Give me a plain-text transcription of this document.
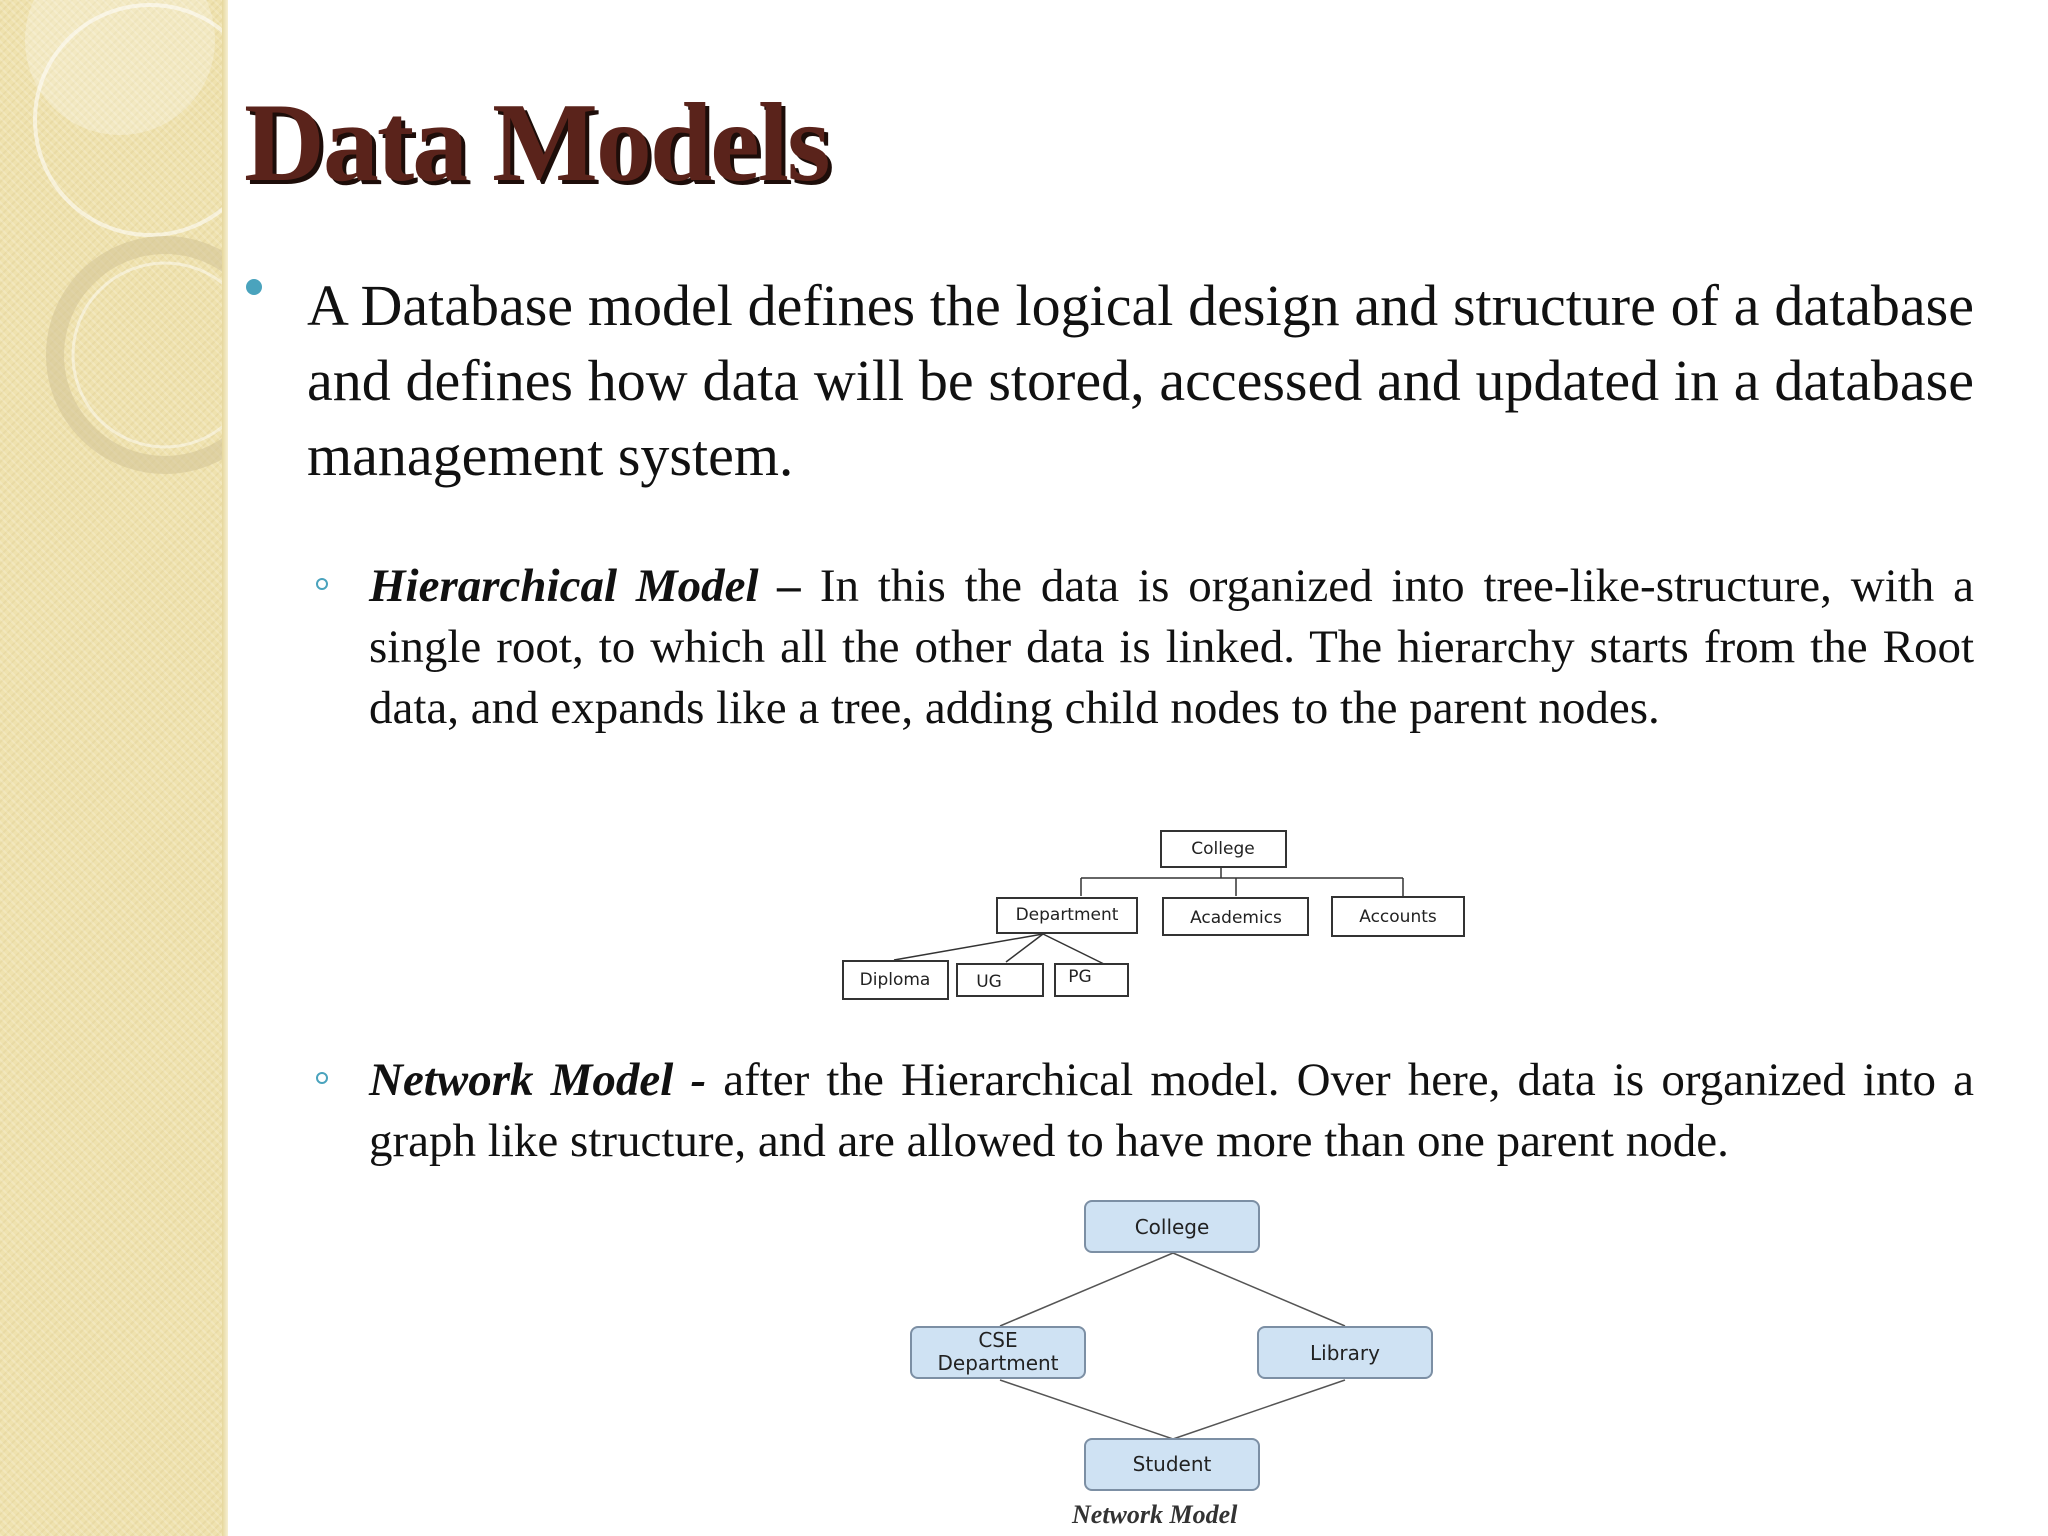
Data Models

A Database model defines the logical design and structure of a database and defines how data will be stored, accessed and updated in a database management system.

Hierarchical Model – In this the data is organized into tree-like-structure, with a single root, to which all the other data is linked. The hierarchy starts from the Root data, and expands like a tree, adding child nodes to the parent nodes.

College
Department	Academics	Accounts
Diploma	UG	PG

Network Model - after the Hierarchical model. Over here, data is organized into a graph like structure, and are allowed to have more than one parent node.

College
CSE
Department	Library
Student

Network Model
